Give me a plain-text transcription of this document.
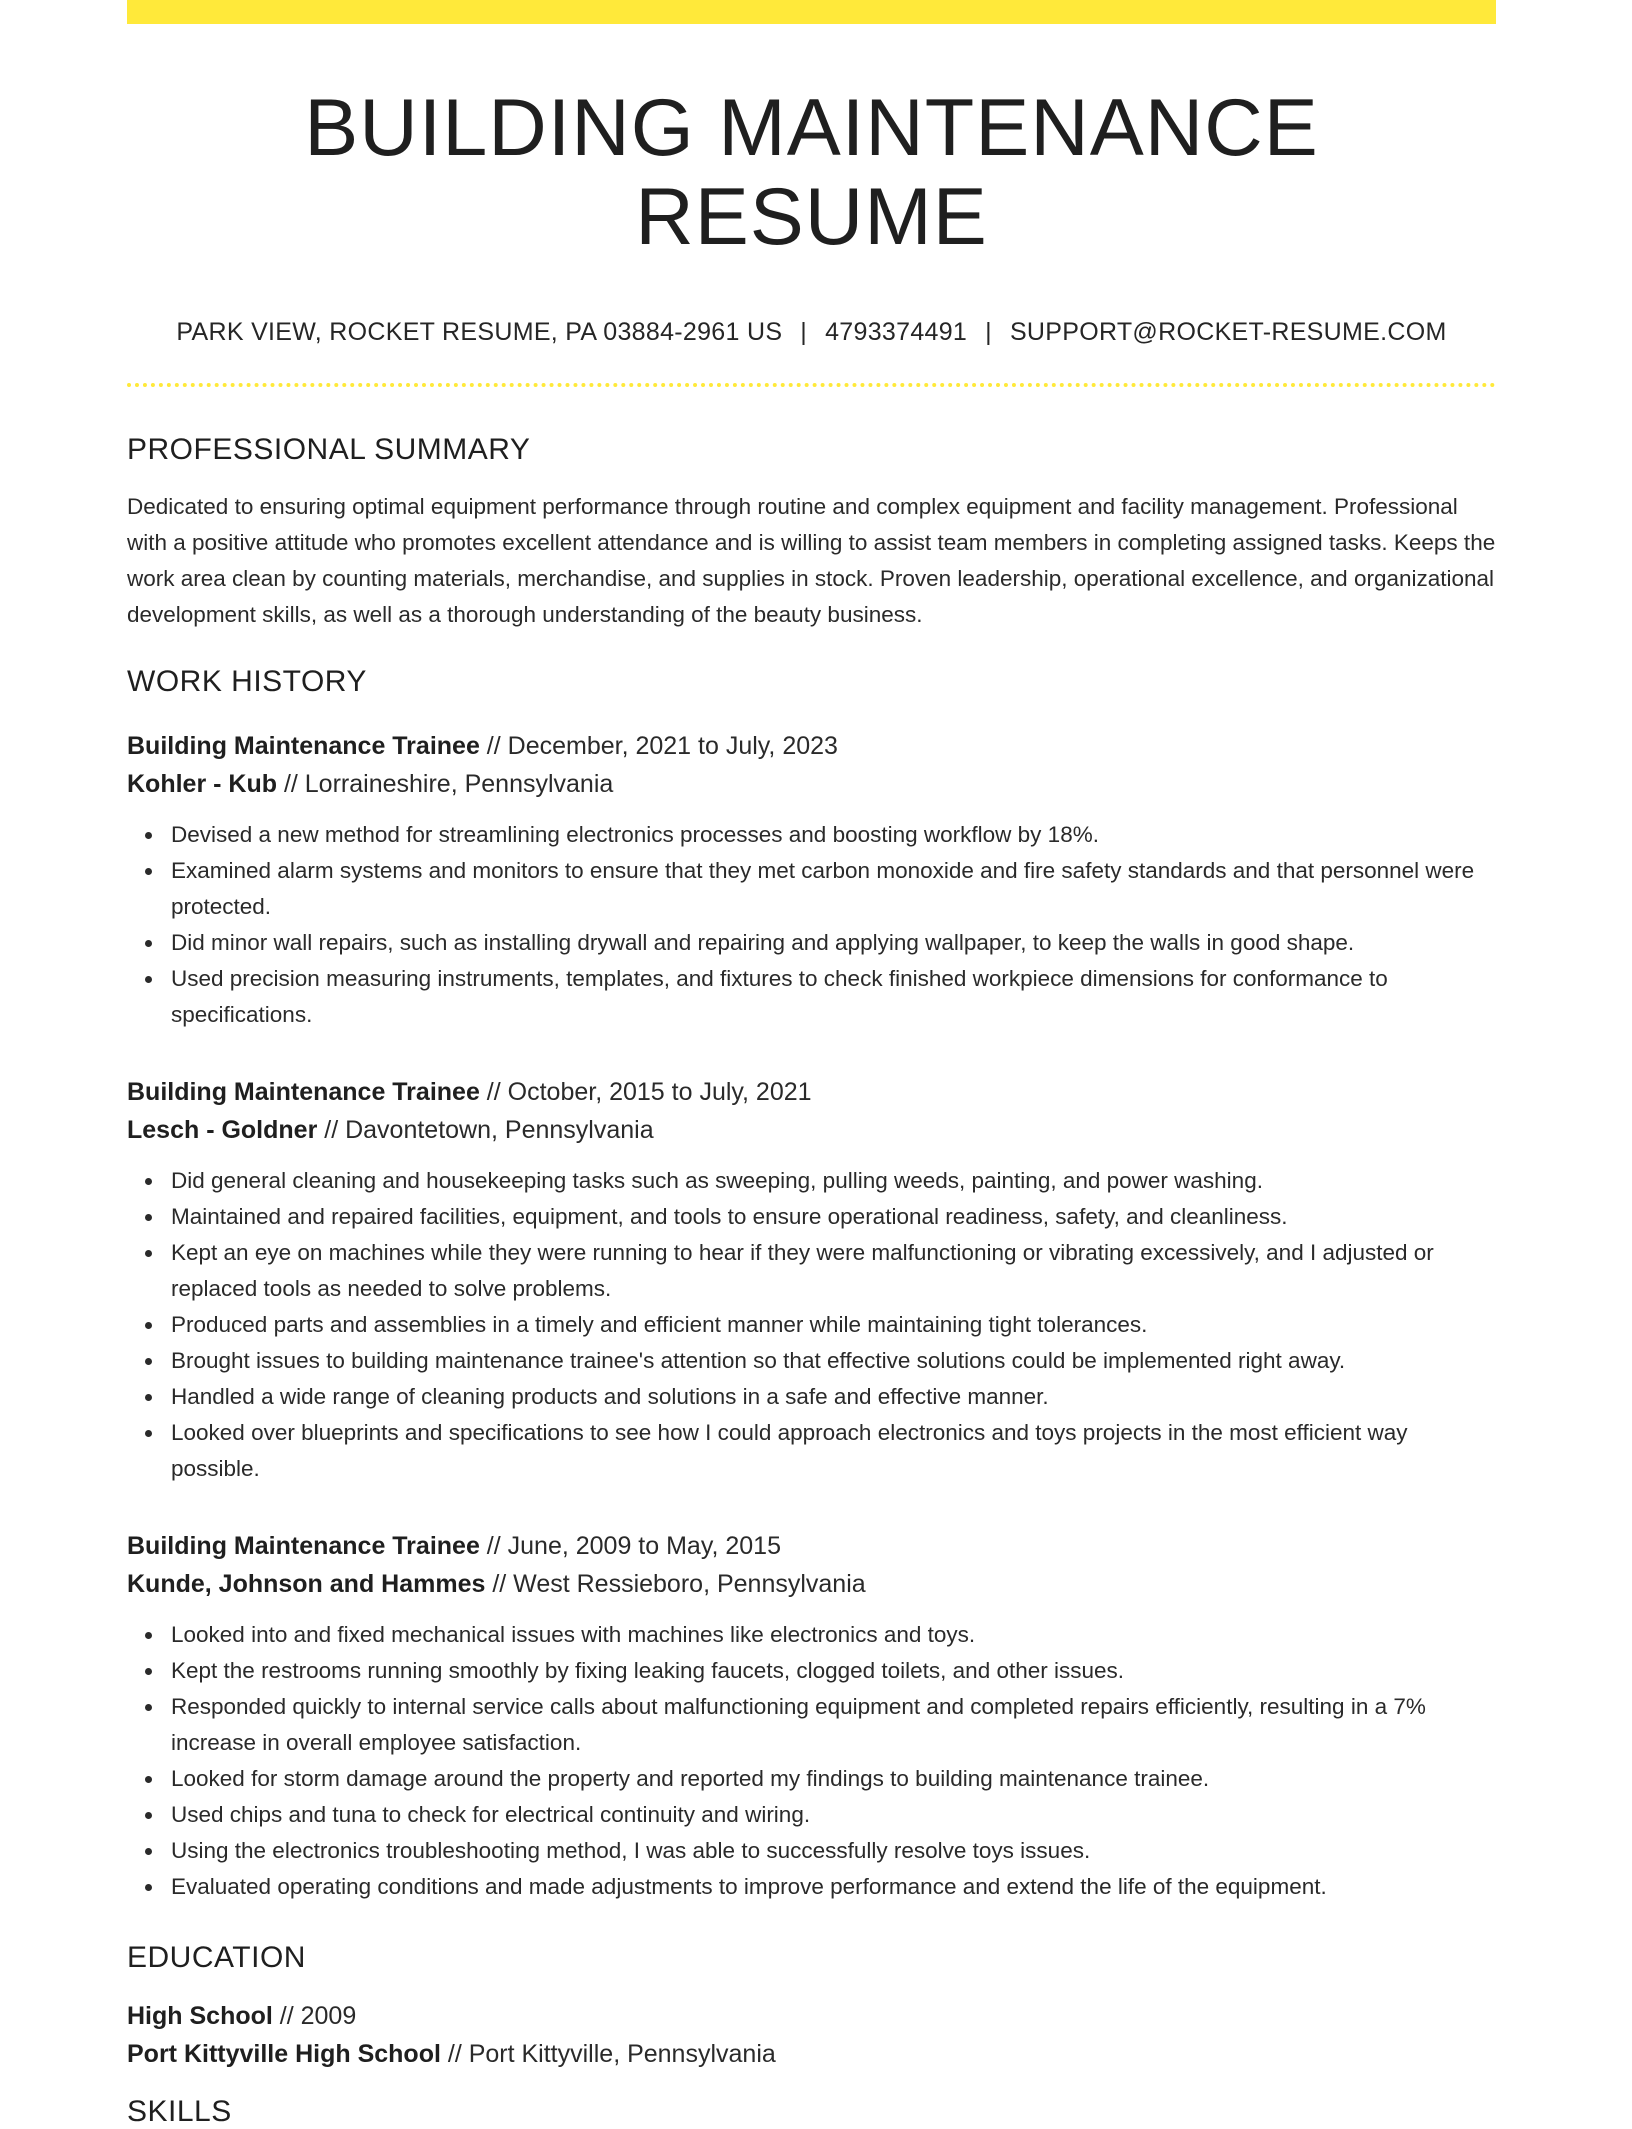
BUILDING MAINTENANCE RESUME
PARK VIEW, ROCKET RESUME, PA 03884-2961 US | 4793374491 | SUPPORT@ROCKET-RESUME.COM
PROFESSIONAL SUMMARY
Dedicated to ensuring optimal equipment performance through routine and complex equipment and facility management. Professional with a positive attitude who promotes excellent attendance and is willing to assist team members in completing assigned tasks. Keeps the work area clean by counting materials, merchandise, and supplies in stock. Proven leadership, operational excellence, and organizational development skills, as well as a thorough understanding of the beauty business.
WORK HISTORY
Building Maintenance Trainee // December, 2021 to July, 2023
Kohler - Kub // Lorraineshire, Pennsylvania
Devised a new method for streamlining electronics processes and boosting workflow by 18%.
Examined alarm systems and monitors to ensure that they met carbon monoxide and fire safety standards and that personnel were protected.
Did minor wall repairs, such as installing drywall and repairing and applying wallpaper, to keep the walls in good shape.
Used precision measuring instruments, templates, and fixtures to check finished workpiece dimensions for conformance to specifications.
Building Maintenance Trainee // October, 2015 to July, 2021
Lesch - Goldner // Davontetown, Pennsylvania
Did general cleaning and housekeeping tasks such as sweeping, pulling weeds, painting, and power washing.
Maintained and repaired facilities, equipment, and tools to ensure operational readiness, safety, and cleanliness.
Kept an eye on machines while they were running to hear if they were malfunctioning or vibrating excessively, and I adjusted or replaced tools as needed to solve problems.
Produced parts and assemblies in a timely and efficient manner while maintaining tight tolerances.
Brought issues to building maintenance trainee's attention so that effective solutions could be implemented right away.
Handled a wide range of cleaning products and solutions in a safe and effective manner.
Looked over blueprints and specifications to see how I could approach electronics and toys projects in the most efficient way possible.
Building Maintenance Trainee // June, 2009 to May, 2015
Kunde, Johnson and Hammes // West Ressieboro, Pennsylvania
Looked into and fixed mechanical issues with machines like electronics and toys.
Kept the restrooms running smoothly by fixing leaking faucets, clogged toilets, and other issues.
Responded quickly to internal service calls about malfunctioning equipment and completed repairs efficiently, resulting in a 7% increase in overall employee satisfaction.
Looked for storm damage around the property and reported my findings to building maintenance trainee.
Used chips and tuna to check for electrical continuity and wiring.
Using the electronics troubleshooting method, I was able to successfully resolve toys issues.
Evaluated operating conditions and made adjustments to improve performance and extend the life of the equipment.
EDUCATION
High School // 2009
Port Kittyville High School // Port Kittyville, Pennsylvania
SKILLS
